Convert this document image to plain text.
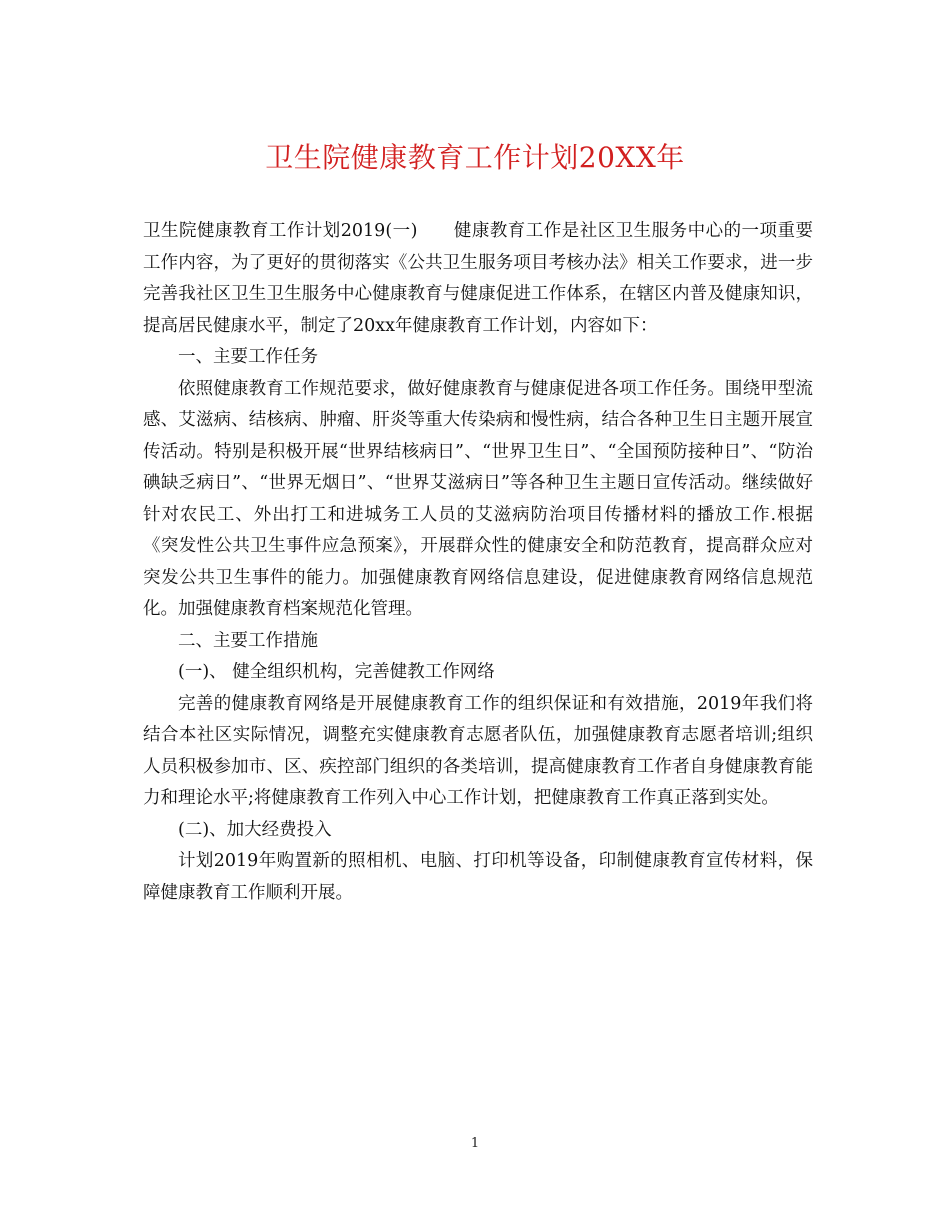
卫生院健康教育工作计划20XX年

卫生院健康教育工作计划2019(一)　　健康教育工作是社区卫生服务中心的一项重要工作内容，为了更好的贯彻落实《公共卫生服务项目考核办法》相关工作要求，进一步完善我社区卫生卫生服务中心健康教育与健康促进工作体系，在辖区内普及健康知识，提高居民健康水平，制定了20xx年健康教育工作计划，内容如下：

一、主要工作任务

依照健康教育工作规范要求，做好健康教育与健康促进各项工作任务。围绕甲型流感、艾滋病、结核病、肿瘤、肝炎等重大传染病和慢性病，结合各种卫生日主题开展宣传活动。特别是积极开展“世界结核病日”、“世界卫生日”、“全国预防接种日”、“防治碘缺乏病日”、“世界无烟日”、“世界艾滋病日”等各种卫生主题日宣传活动。继续做好针对农民工、外出打工和进城务工人员的艾滋病防治项目传播材料的播放工作.根据《突发性公共卫生事件应急预案》，开展群众性的健康安全和防范教育，提高群众应对突发公共卫生事件的能力。加强健康教育网络信息建设，促进健康教育网络信息规范化。加强健康教育档案规范化管理。

二、主要工作措施

(一)、 健全组织机构，完善健教工作网络

完善的健康教育网络是开展健康教育工作的组织保证和有效措施，2019年我们将结合本社区实际情况，调整充实健康教育志愿者队伍，加强健康教育志愿者培训;组织人员积极参加市、区、疾控部门组织的各类培训，提高健康教育工作者自身健康教育能力和理论水平;将健康教育工作列入中心工作计划，把健康教育工作真正落到实处。

(二)、加大经费投入

计划2019年购置新的照相机、电脑、打印机等设备，印制健康教育宣传材料，保障健康教育工作顺利开展。

1
